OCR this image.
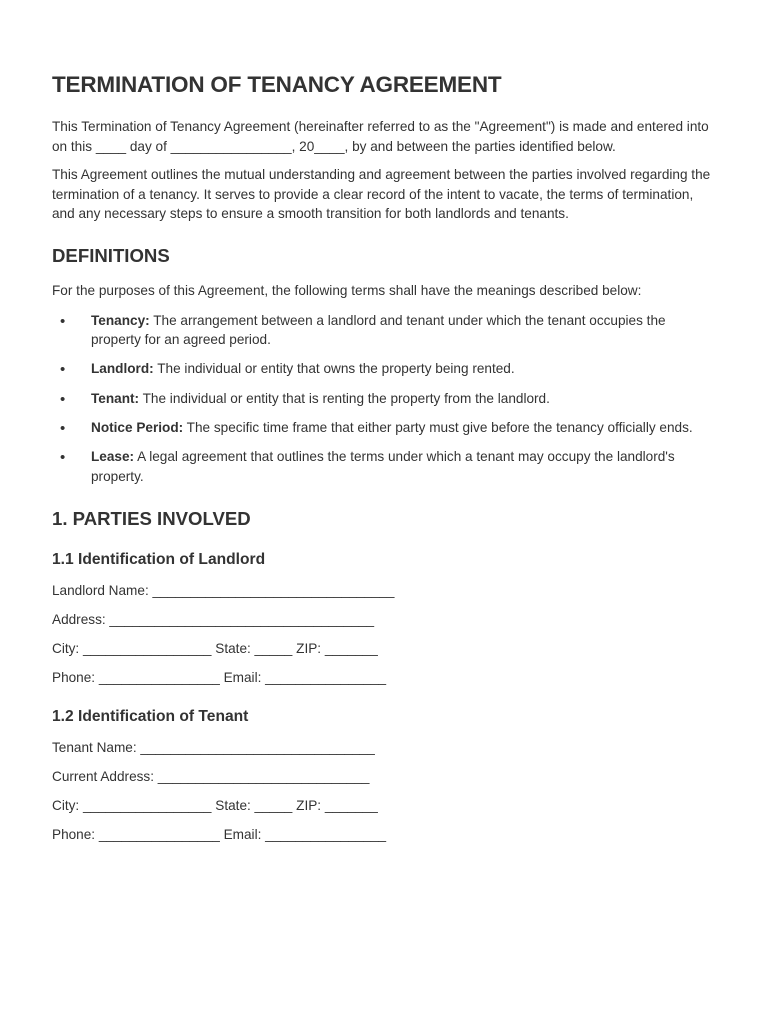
TERMINATION OF TENANCY AGREEMENT

This Termination of Tenancy Agreement (hereinafter referred to as the "Agreement") is made and entered into on this ____ day of ________________, 20____, by and between the parties identified below.

This Agreement outlines the mutual understanding and agreement between the parties involved regarding the termination of a tenancy. It serves to provide a clear record of the intent to vacate, the terms of termination, and any necessary steps to ensure a smooth transition for both landlords and tenants.

DEFINITIONS

For the purposes of this Agreement, the following terms shall have the meanings described below:

• Tenancy: The arrangement between a landlord and tenant under which the tenant occupies the property for an agreed period.
• Landlord: The individual or entity that owns the property being rented.
• Tenant: The individual or entity that is renting the property from the landlord.
• Notice Period: The specific time frame that either party must give before the tenancy officially ends.
• Lease: A legal agreement that outlines the terms under which a tenant may occupy the landlord's property.
1. PARTIES INVOLVED
1.1 Identification of Landlord

Landlord Name: ________________________________

Address: ___________________________________

City: _________________ State: _____ ZIP: _______

Phone: ________________ Email: ________________

1.2 Identification of Tenant

Tenant Name: _______________________________

Current Address: ____________________________

City: _________________ State: _____ ZIP: _______

Phone: ________________ Email: ________________
